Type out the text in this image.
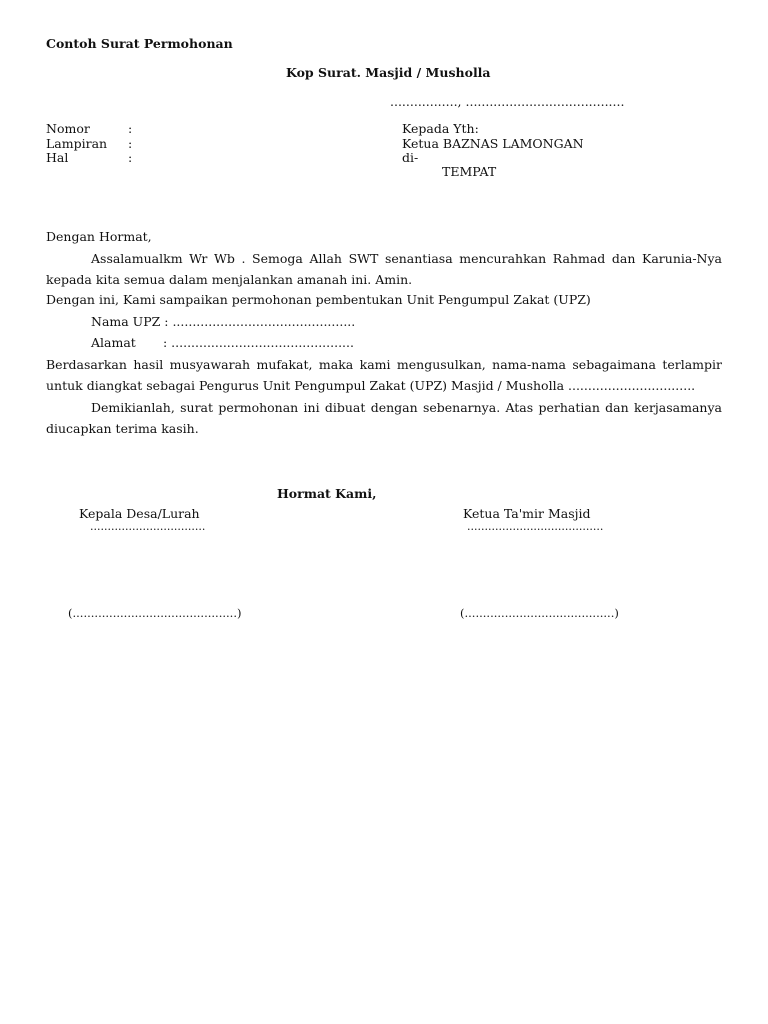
Contoh Surat Permohonan
Kop Surat. Masjid / Musholla
................., ........................................
Nomor	:
Lampiran :
Hal	:
Kepada Yth:
Ketua BAZNAS LAMONGAN
di-
TEMPAT
Dengan Hormat,
Assalamualkm Wr Wb . Semoga Allah SWT senantiasa mencurahkan Rahmad dan Karunia-Nya kepada kita semua dalam menjalankan amanah ini. Amin.
Dengan ini, Kami sampaikan permohonan pembentukan Unit Pengumpul Zakat (UPZ)
Nama UPZ : ..............................................
Alamat : ..............................................
Berdasarkan hasil musyawarah mufakat, maka kami mengusulkan, nama-nama sebagaimana terlampir untuk diangkat sebagai Pengurus Unit Pengumpul Zakat (UPZ) Masjid / Musholla ................................
Demikianlah, surat permohonan ini dibuat dengan sebenarnya. Atas perhatian dan kerjasamanya diucapkan terima kasih.
Hormat Kami,
Kepala Desa/Lurah
.................................
Ketua Ta'mir Masjid
.......................................
(.............................................)	(.........................................)
